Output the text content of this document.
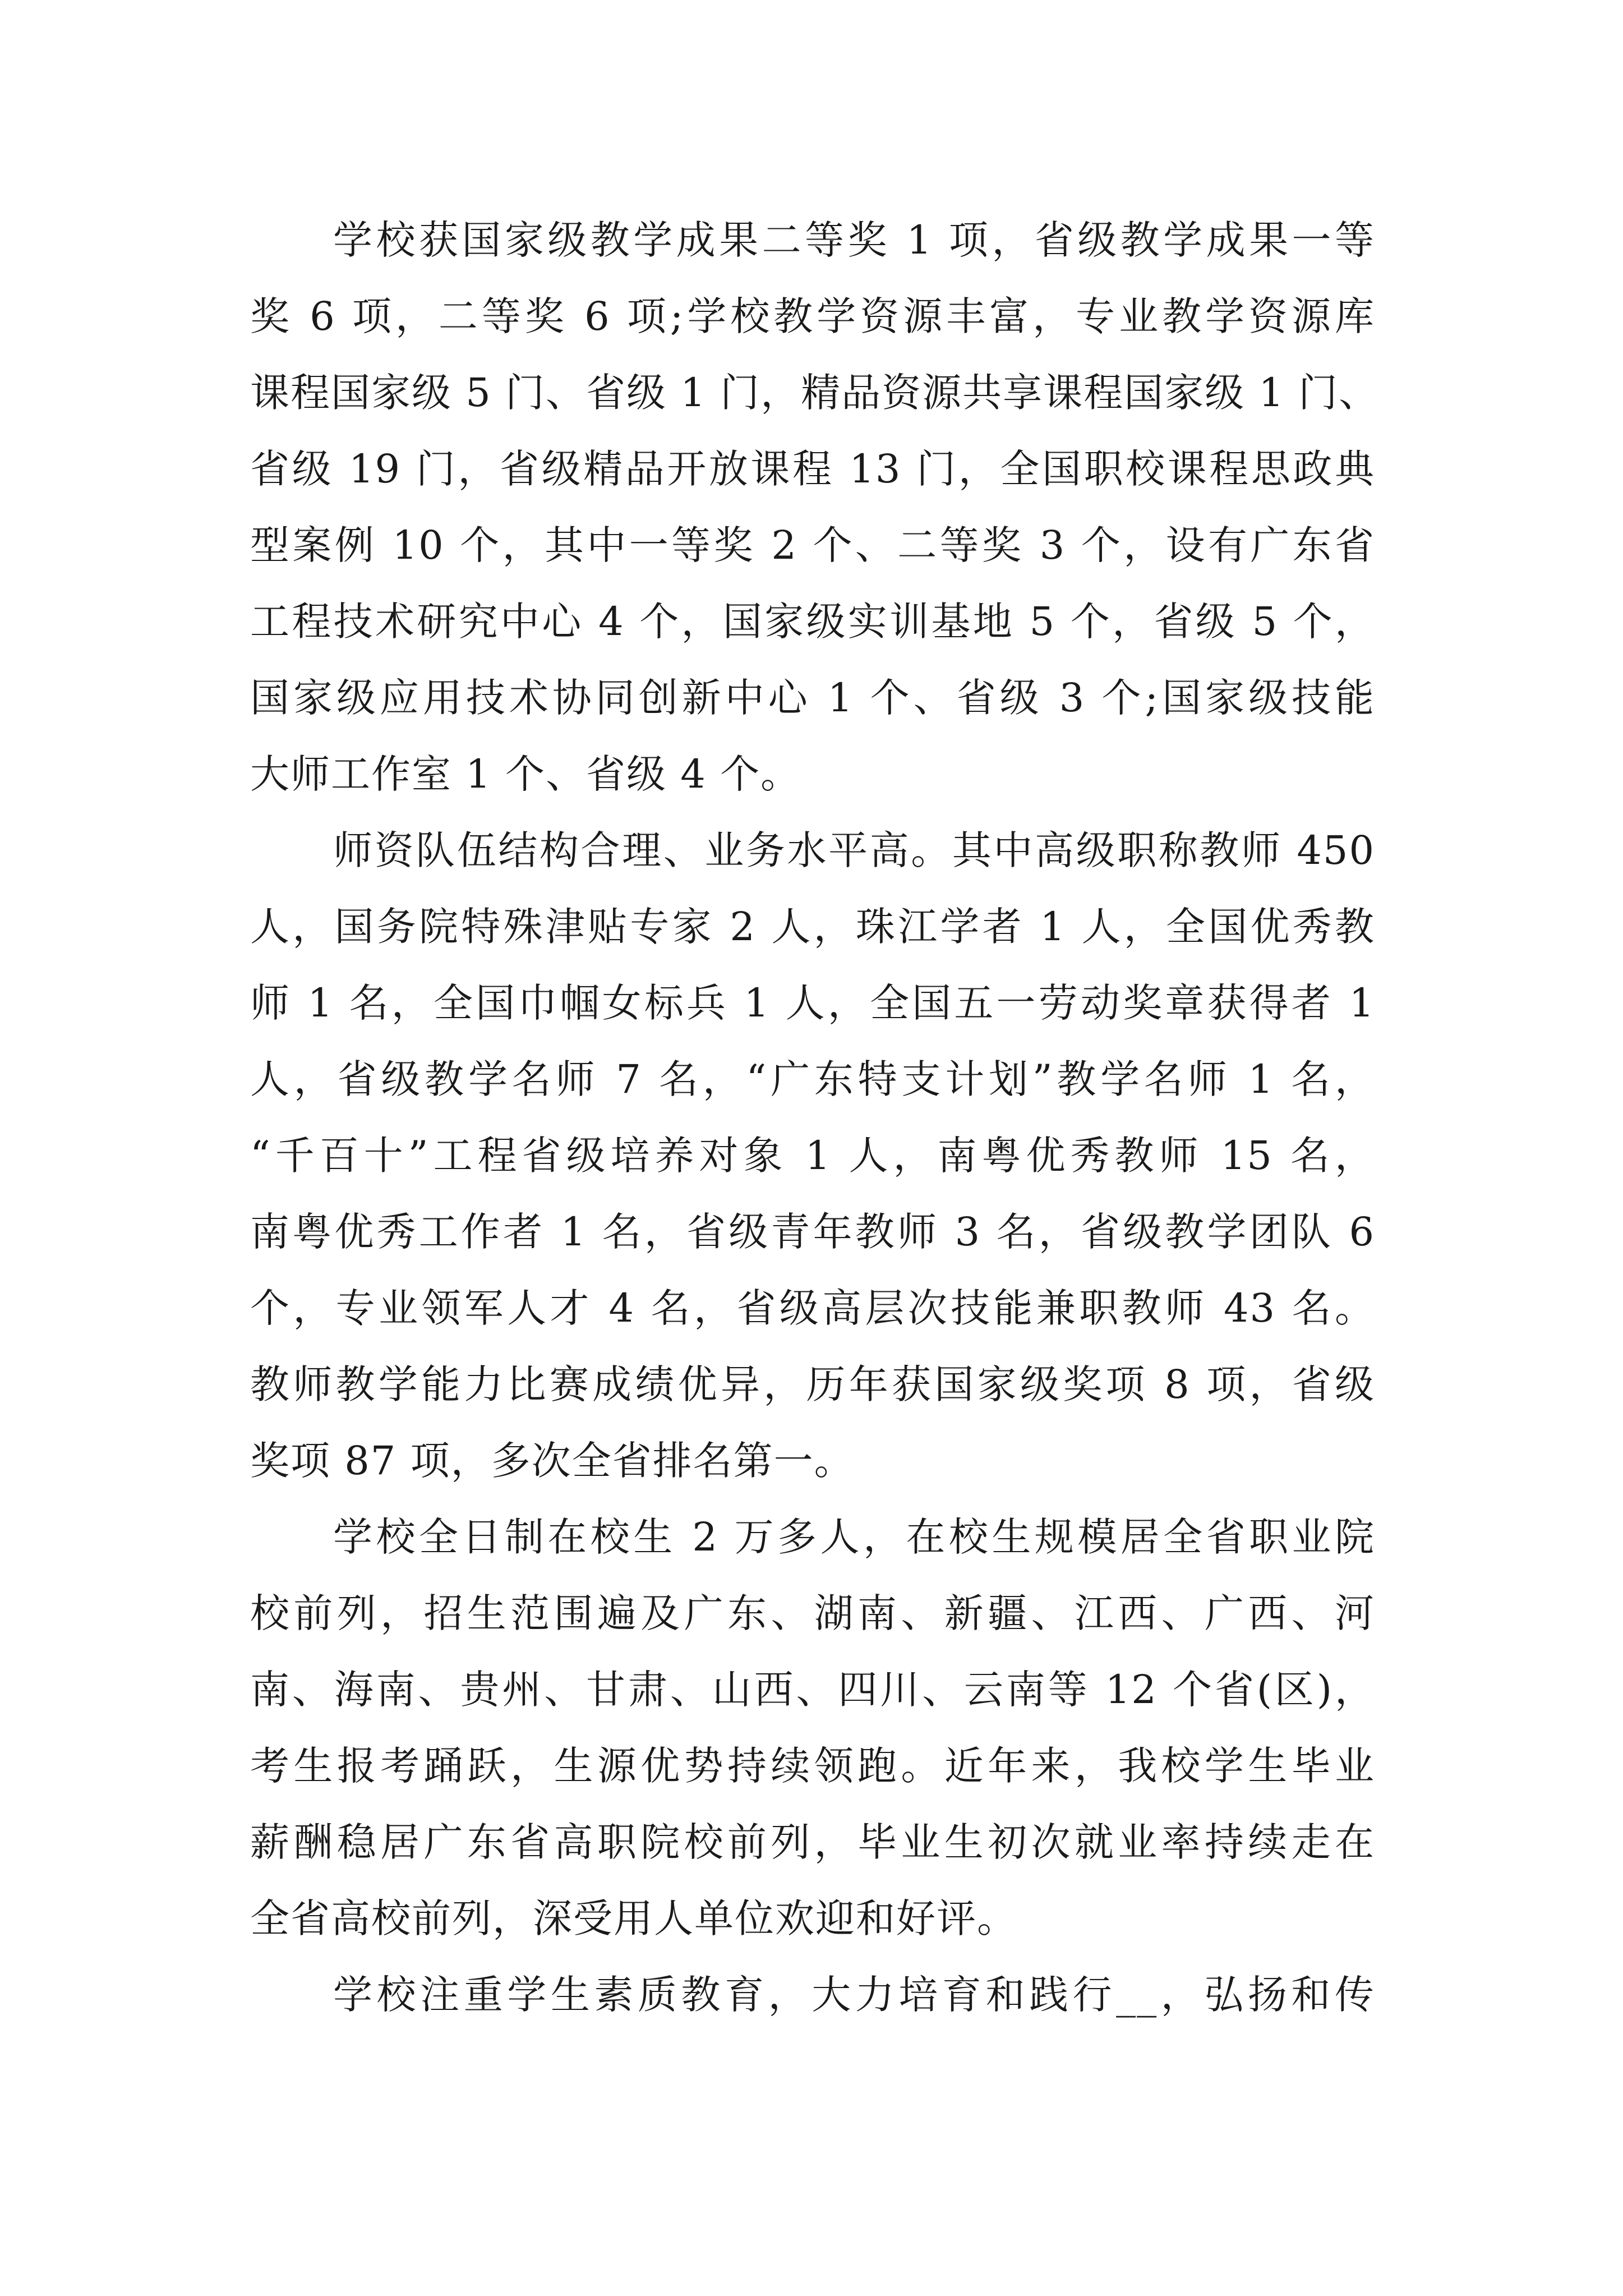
学校获国家级教学成果二等奖 1 项，省级教学成果一等
奖 6 项，二等奖 6 项;学校教学资源丰富，专业教学资源库
课程国家级 5 门、省级 1 门，精品资源共享课程国家级 1 门、
省级 19 门，省级精品开放课程 13 门，全国职校课程思政典
型案例 10 个，其中一等奖 2 个、二等奖 3 个，设有广东省
工程技术研究中心 4 个，国家级实训基地 5 个，省级 5 个，
国家级应用技术协同创新中心 1 个、省级 3 个;国家级技能
大师工作室 1 个、省级 4 个。

师资队伍结构合理、业务水平高。其中高级职称教师 450
人，国务院特殊津贴专家 2 人，珠江学者 1 人，全国优秀教
师 1 名，全国巾帼女标兵 1 人，全国五一劳动奖章获得者 1
人，省级教学名师 7 名，“广东特支计划”教学名师 1 名，
“千百十”工程省级培养对象 1 人，南粤优秀教师 15 名，
南粤优秀工作者 1 名，省级青年教师 3 名，省级教学团队 6
个，专业领军人才 4 名，省级高层次技能兼职教师 43 名。
教师教学能力比赛成绩优异，历年获国家级奖项 8 项，省级
奖项 87 项，多次全省排名第一。

学校全日制在校生 2 万多人，在校生规模居全省职业院
校前列，招生范围遍及广东、湖南、新疆、江西、广西、河
南、海南、贵州、甘肃、山西、四川、云南等 12 个省(区)，
考生报考踊跃，生源优势持续领跑。近年来，我校学生毕业
薪酬稳居广东省高职院校前列，毕业生初次就业率持续走在
全省高校前列，深受用人单位欢迎和好评。

学校注重学生素质教育，大力培育和践行__，弘扬和传
